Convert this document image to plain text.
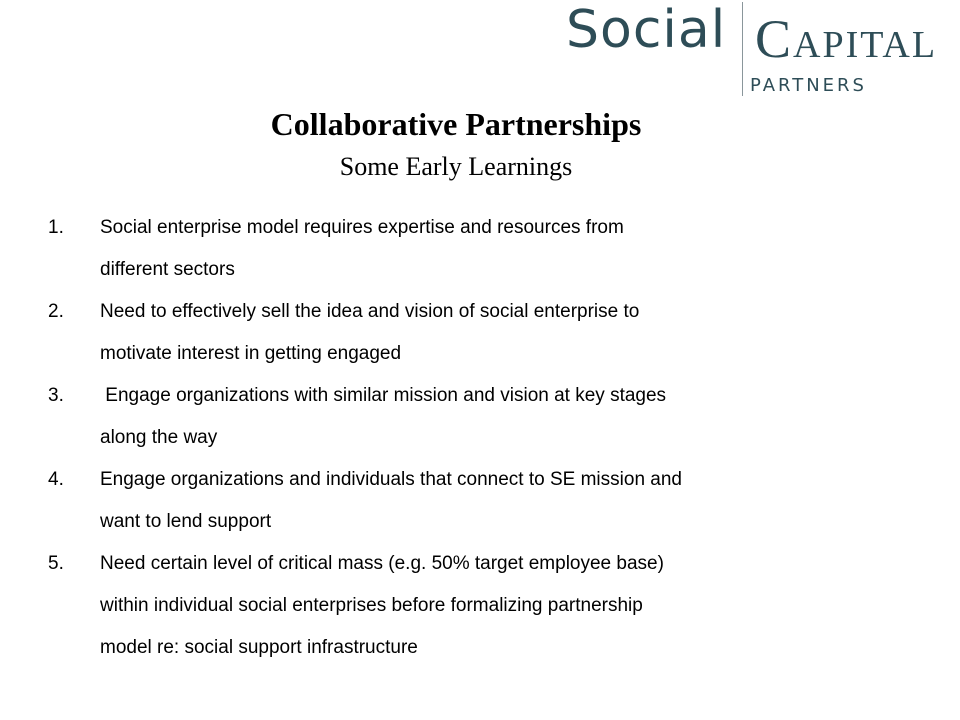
Social Capital
PARTNERS
Collaborative Partnerships
Some Early Learnings
1.	Social enterprise model requires expertise and resources from
different sectors
2.	Need to effectively sell the idea and vision of social enterprise to
motivate interest in getting engaged
3.	Engage organizations with similar mission and vision at key stages
along the way
4.	Engage organizations and individuals that connect to SE mission and
want to lend support
5.	Need certain level of critical mass (e.g. 50% target employee base)
within individual social enterprises before formalizing partnership
model re: social support infrastructure
